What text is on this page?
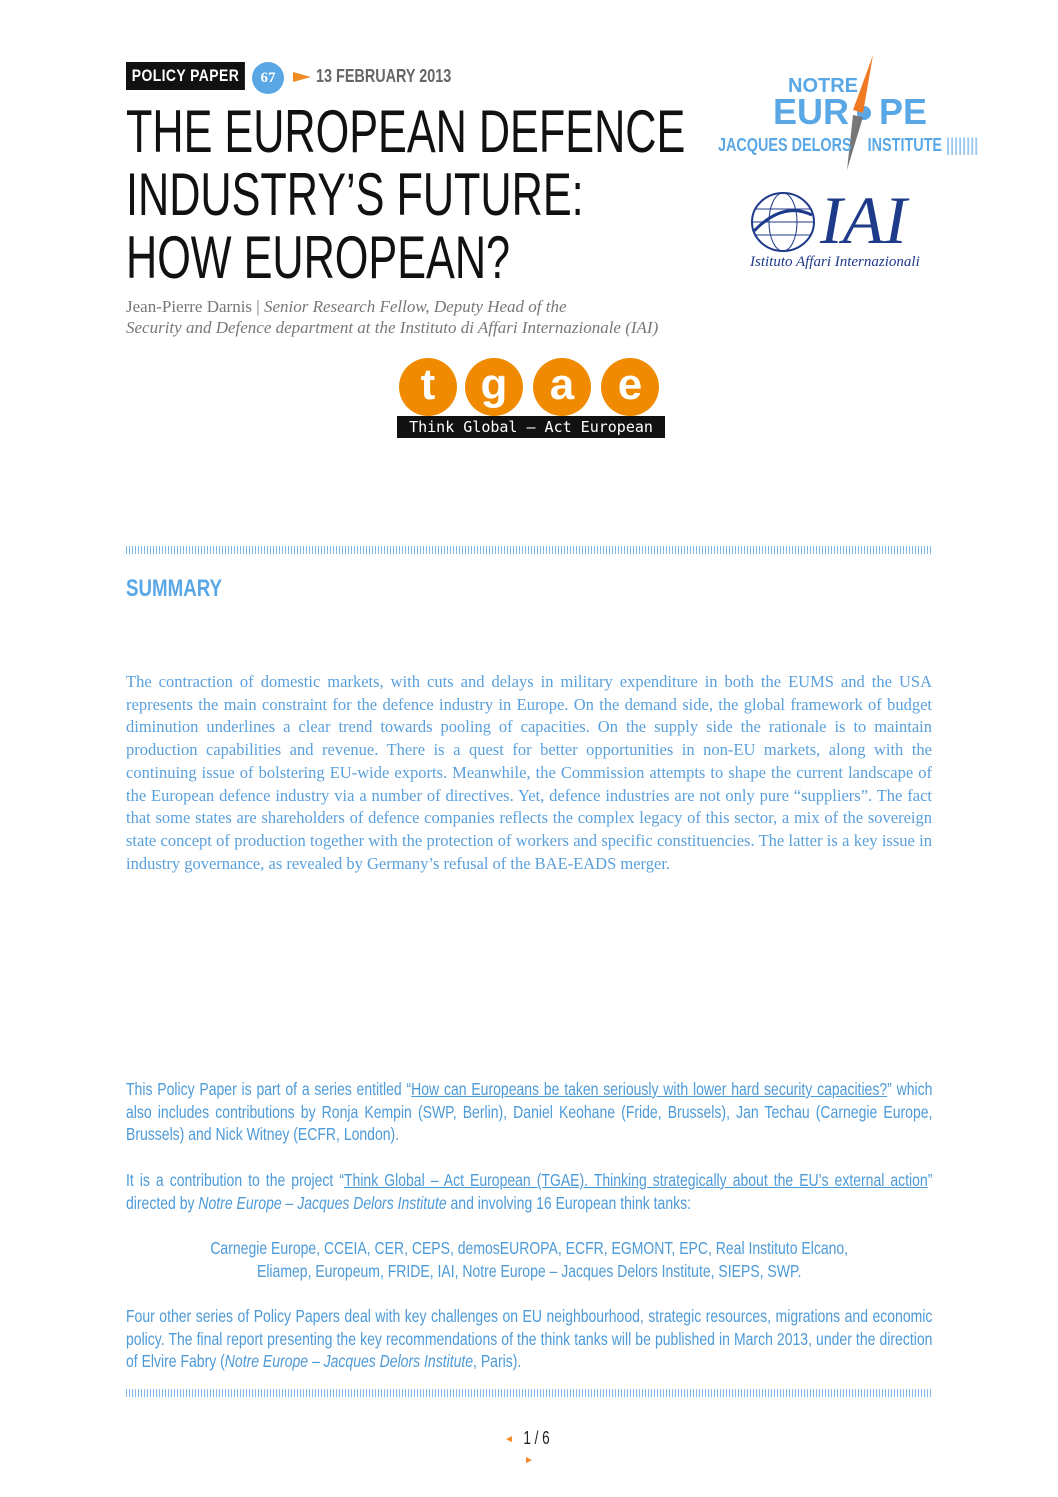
POLICY PAPER	67	13 FEBRUARY 2013
THE EUROPEAN DEFENCE
INDUSTRY’S FUTURE:
HOW EUROPEAN?
Jean-Pierre Darnis | Senior Research Fellow, Deputy Head of the
Security and Defence department at the Instituto di Affari Internazionale (IAI)
NOTRE
EUR PE
JACQUES DELORS INSTITUTE ||||||||
IAI
Istituto Affari Internazionali
t	g a e
Think Global – Act European
SUMMARY
The contraction of domestic markets, with cuts and delays in military expenditure in both the EUMS and the USA represents the main constraint for the defence industry in Europe. On the demand side, the global framework of budget diminution underlines a clear trend towards pooling of capacities. On the supply side the rationale is to maintain production capabilities and revenue. There is a quest for better opportunities in non-EU markets, along with the continuing issue of bolstering EU-wide exports. Meanwhile, the Commission attempts to shape the current landscape of the European defence industry via a number of directives. Yet, defence industries are not only pure “suppliers”. The fact that some states are shareholders of defence companies reflects the complex legacy of this sector, a mix of the sovereign state concept of production together with the protection of workers and specific constituencies. The latter is a key issue in industry governance, as revealed by Germany’s refusal of the BAE-EADS merger.
This Policy Paper is part of a series entitled “How can Europeans be taken seriously with lower hard security capacities?” which also includes contributions by Ronja Kempin (SWP, Berlin), Daniel Keohane (Fride, Brussels), Jan Techau (Carnegie Europe, Brussels) and Nick Witney (ECFR, London).
It is a contribution to the project “Think Global – Act European (TGAE). Thinking strategically about the EU’s external action” directed by Notre Europe – Jacques Delors Institute and involving 16 European think tanks:
Carnegie Europe, CCEIA, CER, CEPS, demosEUROPA, ECFR, EGMONT, EPC, Real Instituto Elcano,
Eliamep, Europeum, FRIDE, IAI, Notre Europe – Jacques Delors Institute, SIEPS, SWP.
Four other series of Policy Papers deal with key challenges on EU neighbourhood, strategic resources, migrations and economic policy. The final report presenting the key recommendations of the think tanks will be published in March 2013, under the direction of Elvire Fabry (Notre Europe – Jacques Delors Institute, Paris).
◄ 1 / 6 ►
